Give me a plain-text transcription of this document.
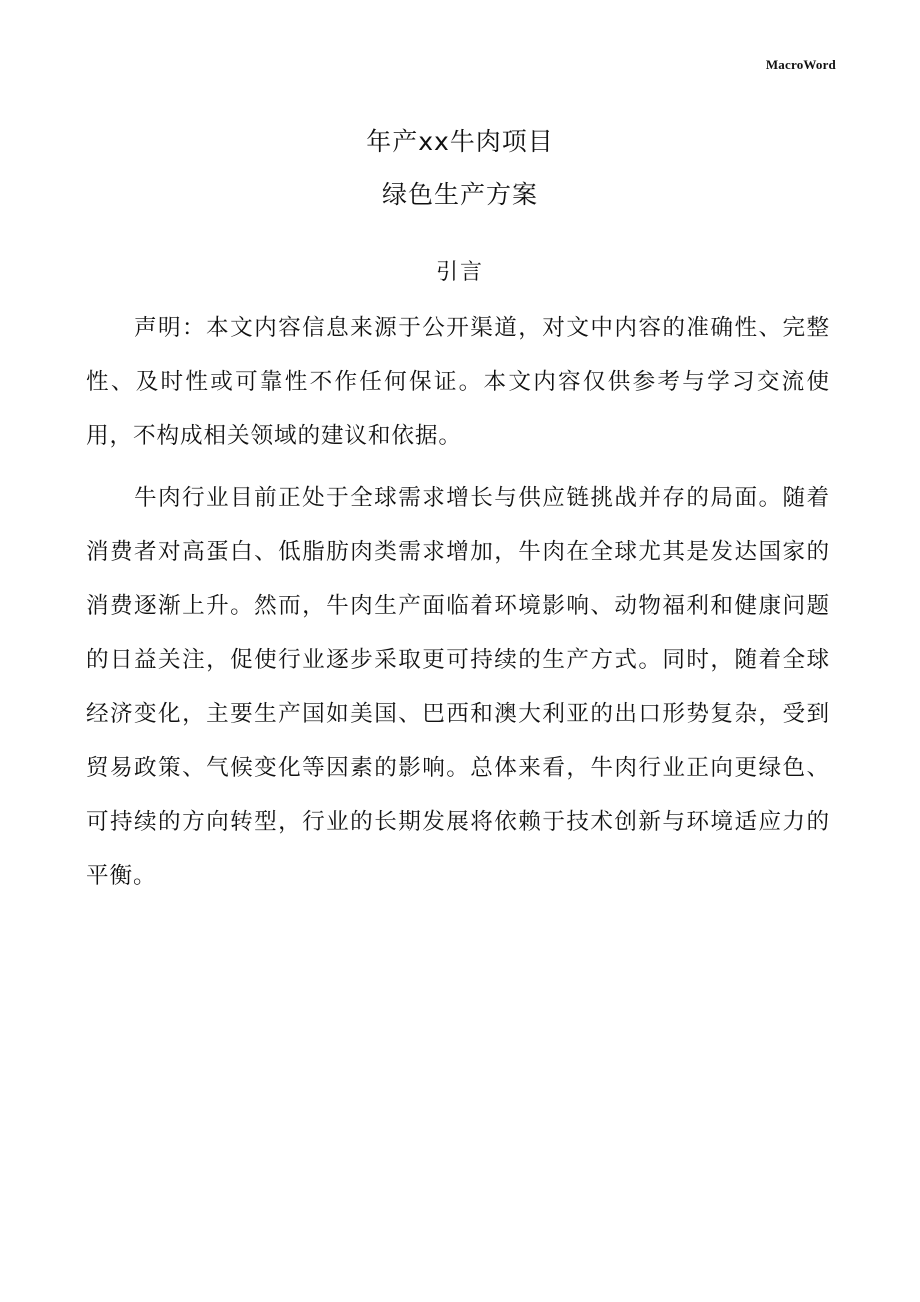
MacroWord
年产xx牛肉项目
绿色生产方案
引言

声明：本文内容信息来源于公开渠道，对文中内容的准确性、完整性、及时性或可靠性不作任何保证。本文内容仅供参考与学习交流使用，不构成相关领域的建议和依据。

牛肉行业目前正处于全球需求增长与供应链挑战并存的局面。随着消费者对高蛋白、低脂肪肉类需求增加，牛肉在全球尤其是发达国家的消费逐渐上升。然而，牛肉生产面临着环境影响、动物福利和健康问题的日益关注，促使行业逐步采取更可持续的生产方式。同时，随着全球经济变化，主要生产国如美国、巴西和澳大利亚的出口形势复杂，受到贸易政策、气候变化等因素的影响。总体来看，牛肉行业正向更绿色、可持续的方向转型，行业的长期发展将依赖于技术创新与环境适应力的平衡。
